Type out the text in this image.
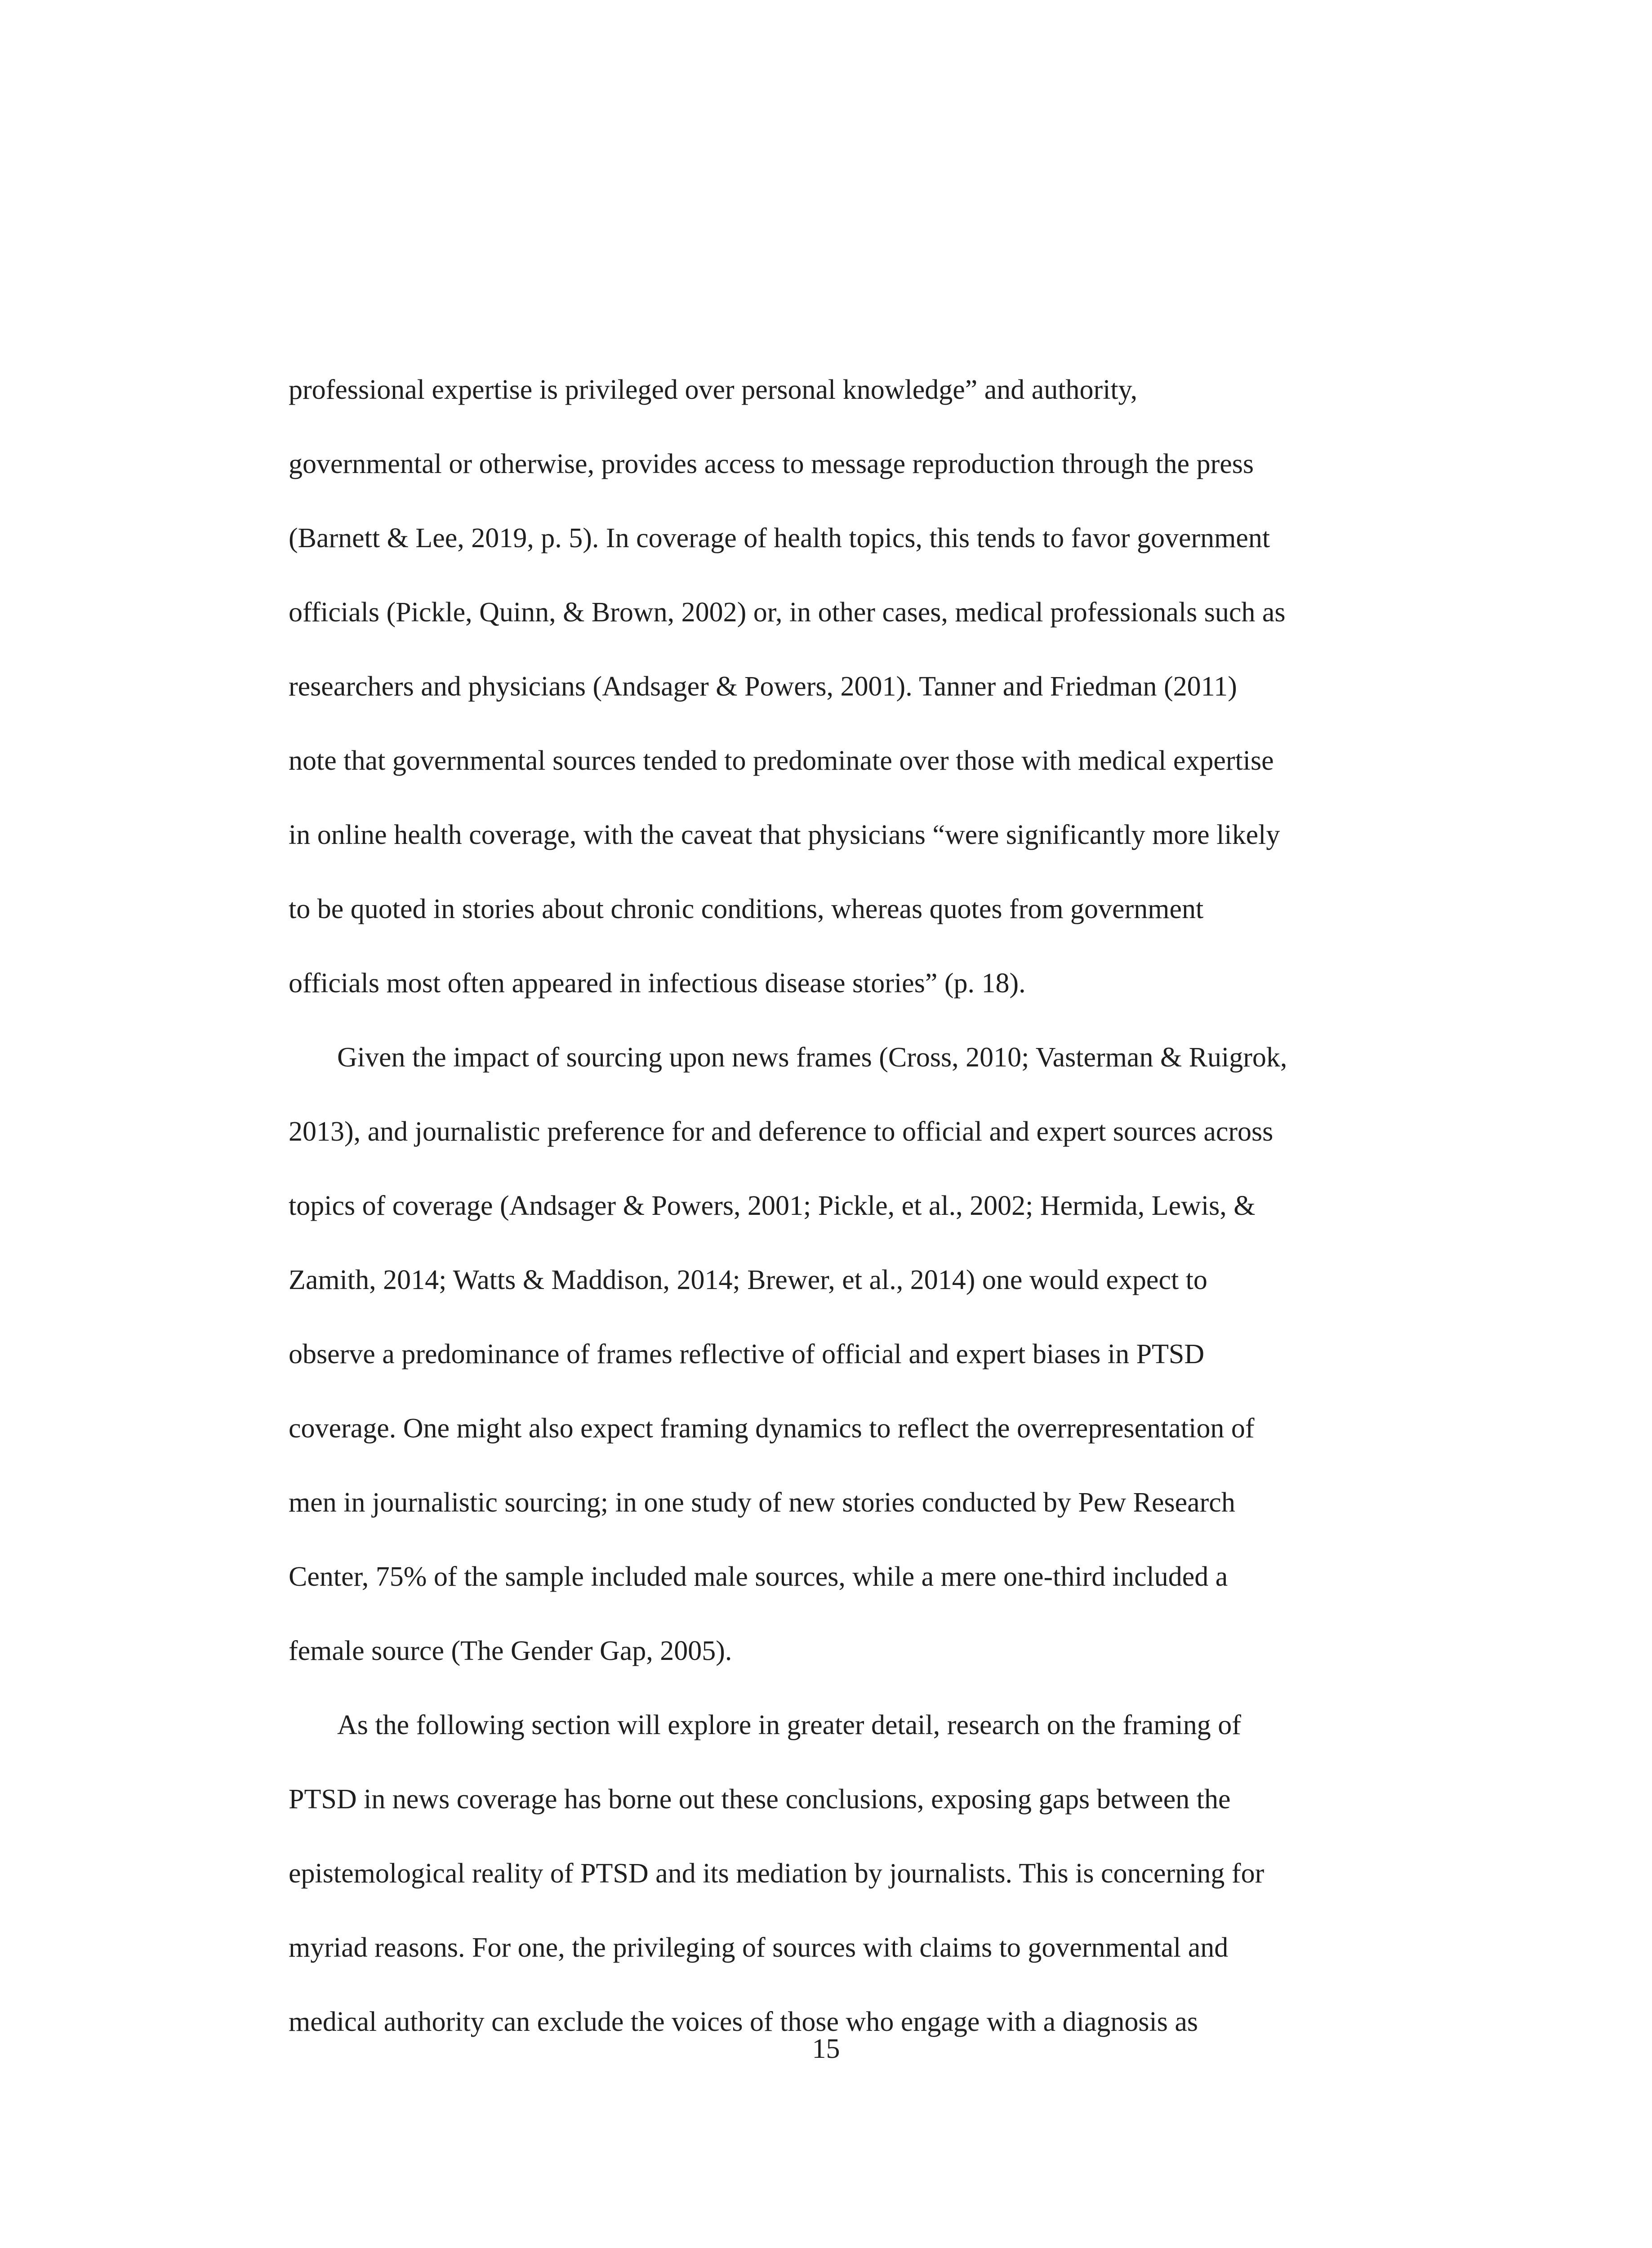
professional expertise is privileged over personal knowledge” and authority,
governmental or otherwise, provides access to message reproduction through the press
(Barnett & Lee, 2019, p. 5). In coverage of health topics, this tends to favor government
officials (Pickle, Quinn, & Brown, 2002) or, in other cases, medical professionals such as
researchers and physicians (Andsager & Powers, 2001). Tanner and Friedman (2011)
note that governmental sources tended to predominate over those with medical expertise
in online health coverage, with the caveat that physicians “were significantly more likely
to be quoted in stories about chronic conditions, whereas quotes from government
officials most often appeared in infectious disease stories” (p. 18).
Given the impact of sourcing upon news frames (Cross, 2010; Vasterman & Ruigrok,
2013), and journalistic preference for and deference to official and expert sources across
topics of coverage (Andsager & Powers, 2001; Pickle, et al., 2002; Hermida, Lewis, &
Zamith, 2014; Watts & Maddison, 2014; Brewer, et al., 2014) one would expect to
observe a predominance of frames reflective of official and expert biases in PTSD
coverage. One might also expect framing dynamics to reflect the overrepresentation of
men in journalistic sourcing; in one study of new stories conducted by Pew Research
Center, 75% of the sample included male sources, while a mere one-third included a
female source (The Gender Gap, 2005).
As the following section will explore in greater detail, research on the framing of
PTSD in news coverage has borne out these conclusions, exposing gaps between the
epistemological reality of PTSD and its mediation by journalists. This is concerning for
myriad reasons. For one, the privileging of sources with claims to governmental and
medical authority can exclude the voices of those who engage with a diagnosis as
15
